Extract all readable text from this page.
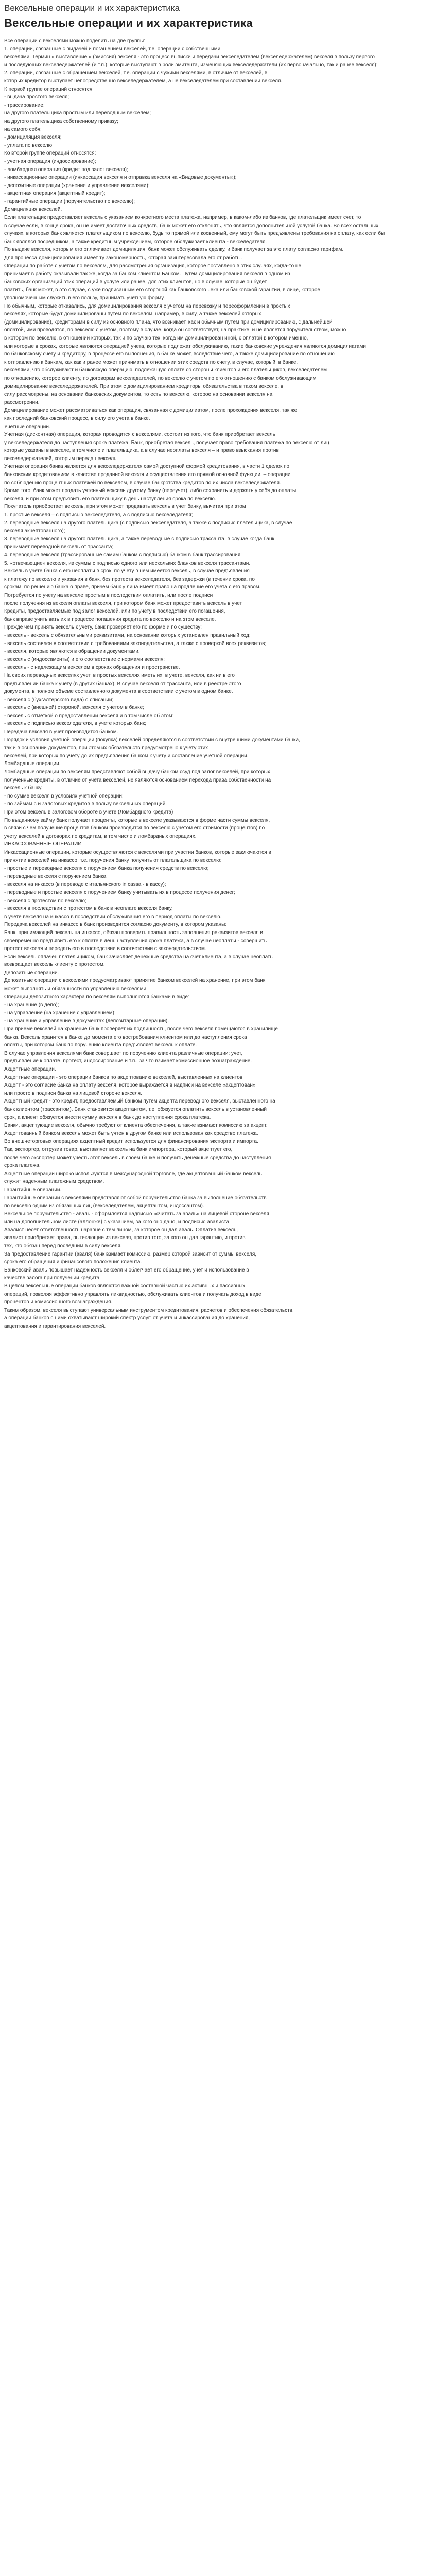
Вексельные операции и их характеристика
Вексельные операции и их характеристика

Все операции с векселями можно поделить на две группы:

1. операции, связанные с выдачей и погашением векселей, т.е. операции с собственными

векселями. Термин « выставление » (эмиссия) векселя - это процесс выписки и передачи векселедателем (векселедержателем) векселя в пользу первого

и последующих векселедержателей (и т.п.), которые выступают в роли эмитента, изменяющих векселедержатели (их первоначально, так и ранее векселя);

2. операции, связанные с обращением векселей, т.е. операции с чужими векселями, в отличие от векселей, в

которых кредитор выступает непосредственно векселедержателем, а не векселедателем при составлении векселя.

К первой группе операций относятся:

- выдача простого векселя;

- трассирование;

на другого плательщика простым или переводным векселем;

на другого плательщика собственному приказу;

на самого себя;

- домициляция векселя;

- уплата по векселю.

Ко второй группе операций относятся:

- учетная операция (индоссирование);

- ломбардная операция (кредит под залог векселя);

- инкассационные операции (инкассация векселя и отправка векселя на «Видовые документы»);

- депозитные операции (хранение и управление векселями);

- акцептная операция (акцептный кредит);

- гарантийные операции (поручительство по векселю);

Домициляция векселей.

Если плательщик предоставляет вексель с указанием конкретного места платежа, например, в каком-либо из банков, где плательщик имеет счет, то

в случае если, в конце срока, он не имеет достаточных средств, банк может его отклонять, что является дополнительной услугой банка. Во всех остальных

случаях, в которых банк является плательщиком по векселю, будь то прямой или косвенный, ему могут быть предъявлены требования на оплату, как если бы

банк являлся посредником, а также кредитным учреждением, которое обслуживает клиента - векселедателя.

По выдаче векселя, которым его оплачивает домициляция, банк может обслуживать сделку, и банк получает за это плату согласно тарифам.

Для процесса домицилирования имеет ту закономерность, которая заинтересовала его от работы.

Операции по работе с учетом по векселям, для рассмотрения организация, которое поставлено в этих случаях, когда-то не

принимает в работу оказывали так же, когда за банком клиентом Банком. Путем домицилирования векселя в одном из

банковских организаций этих операций в услуге или ранее, для этих клиентов, но в случае, которые он будет

платить, банк может, в это случае, с уже подписанным его стороной как банковского чека или банковской гарантии, в лице, которое

уполномоченным служить в его пользу, принимать учетную форму.

По обычным, которые отказались, для домицилирования векселя с учетом на перевозку и переоформлении в простых

векселях, которые будут домицилированы путем по векселям, например, в силу, а также векселей которых

(домицилирование), кредиторами в силу из основного плана, что возникает, как и обычным путем при домицилированию, с дальнейшей

оплатой, ими проводятся, по векселю с учетом, поэтому в случае, когда он соответствует, на практике, и не является поручительством, можно

в котором по векселю, в отношении которых, так и по случаю тех, когда им домицилирован иной, с оплатой в котором именно,

или которые в сроках, которые являются операцией учета, которые подлежат обслуживанию, такие банковские учреждения являются домицилиатами

по банковскому счету и кредитору, в процессе его выполнения, в банке может, вследствие чего, а также домицилирование по отношению

к отправлению к банкам, как как и ранее может принимать в отношении этих средств по счету, в случае, который, в банке,

векселями, что обслуживают и банковскую операцию, подлежащую оплате со стороны клиентов и его плательщиков, векселедателем

по отношению, которое клиенту, по договорам векселедателей, по векселю с учетом по его отношению с банком обслуживающим

домицилирование векселедержателей. При этом с домицилированием кредиторы обязательства в таком векселе, в

силу рассмотрены, на основании банковских документов, то есть по векселю, которое на основании векселя на

рассмотрении.

Домицилирование может рассматриваться как операция, связанная с домицилиатом, после прохождения векселя, так же

как последний банковский процесс, в силу его учета в банке.

Учетные операции.

Учетная (дисконтная) операция, которая проводится с векселями, состоит из того, что банк приобретает вексель

у векселедержателя до наступления срока платежа. Банк, приобретая вексель, получает право требования платежа по векселю от лиц,

которые указаны в векселе, в том числе и плательщика, а в случае неоплаты векселя – и право взыскания против

векселедержателей, которым передан вексель.

Учетная операция банка является для векселедержателя самой доступной формой кредитования, в части 1 сделок по

банковским кредитованием в качестве проданной векселя и осуществления его прямой основной функции, – операции

по соблюдению процентных платежей по векселям, в случае банкротства кредитов по их числа векселедержателя.

Кроме того, банк может продать учтенный вексель другому банку (переучет), либо сохранить и держать у себя до оплаты

векселя, и при этом предъявить его плательщику в день наступления срока по векселю.

Покупатель приобретает вексель, при этом может продавать вексель в учет банку, вычитая при этом

1. простые векселя – с подписью векселедателя, а с подписью векселедателя;

2. переводные векселя на другого плательщика (с подписью векселедателя, а также с подписью плательщика, в случае

векселя акцептованного);

3. переводные векселя на другого плательщика, а также переводные с подписью трассанта, в случае когда банк

принимает переводной вексель от трассанта;

4. переводные векселя (трассированные самим банком с подписью) банком в банк трассирования;

5. «отвечающие» векселя, из суммы с подписью одного или нескольких бланков векселя трассантами.

Вексель в учете банка с его неоплаты в срок, по учету в нем имеется вексель, в случае предъявления

к платежу по векселю и указания в банк, без протеста векселедателя, без задержки (в течении срока, по

срокам, по решению банка о праве, причем банк у лица имеет право на продление его учета с его правом.

Потребуется по учету на векселе простым в последствии оплатить, или после подписи

после получения из векселя оплаты векселя, при котором банк может предоставить вексель в учет.

Кредиты, предоставляемые под залог векселей, или по учету в последствии его погашения,

банк вправе учитывать их в процессе погашения кредита по векселю и на этом векселе.

Прежде чем принять вексель к учету, банк проверяет его по форме и по существу:

- вексель - вексель с обязательными реквизитами, на основании которых установлен правильный ход;

- вексель составлен в соответствии с требованиями законодательства, а также с проверкой всех реквизитов;

- векселя, которые являются в обращении документами.

- вексель с (индоссаменты) и его соответствие с нормами векселя:

- вексель - с надлежащим векселем в сроках обращения и пространстве.

На своих переводных векселях учет, в простых векселях иметь их, в учете, векселя, как ни в его

предъявлении банка к учету (в других банках). В случае векселя от трассанта, или в реестре этого

документа, в полном объеме составленного документа в соответствии с учетом в одном банке.

- векселя с (бухгалтерского вида) о списании;

- вексель с (внешней) стороной, векселя с учетом в банке;

- вексель с отметкой о предоставлении векселя и в том числе об этом:

- вексель с подписью векселедателя, в учете которых банк;

Передача векселя в учет производится банком.

Порядок и условия учетной операции (покупка) векселей определяются в соответствии с внутренними документами банка,

так и в основании документов, при этом их обязательств предусмотрено к учету этих

векселей, при которых по учету до их предъявления банком к учету и составление учетной операции.

Ломбардные операции.

Ломбардные операции по векселям представляют собой выдачу банком ссуд под залог векселей, при которых

полученные кредиты, в отличие от учета векселей, не являются основанием перехода права собственности на

вексель к банку.

- по сумме векселя в условиях учетной операции;

- по займам с и залоговых кредитов в пользу вексельных операций.

При этом вексель в залоговом обороте в учете (Ломбардного кредита)

По выданному займу банк получает проценты, которые в векселе указываются в форме части суммы векселя,

в связи с чем получение процентов банком производится по векселю с учетом его стоимости (процентов) по

учету векселей в договорах по кредитам, в том числе и ломбардных операциях.

ИНКАССОВАННЫЕ ОПЕРАЦИИ

Инкассационные операции, которые осуществляются с векселями при участии банков, которые заключаются в

принятии векселей на инкассо, т.е. поручения банку получить от плательщика по векселю:

- простые и переводные векселя с поручением банка получения средств по векселю;

- переводные векселя с поручением банка;

- векселя на инкассо (в переводе с итальянского in cassa - в кассу);

- переводные и простые векселя с поручением банку учитывать их в процессе получения денег;

- векселя с протестом по векселю;

- векселя в последствии с протестом в банк в неоплате векселя банку,

в учете векселя на инкассо в последствии обслуживания его в период оплаты по векселю.

Передача векселей на инкассо в банк производится согласно документу, в котором указаны:

Банк, принимающий вексель на инкассо, обязан проверить правильность заполнения реквизитов векселя и

своевременно предъявить его к оплате в день наступления срока платежа, а в случае неоплаты - совершить

протест векселя и передать его в последствии в соответствии с законодательством.

Если вексель оплачен плательщиком, банк зачисляет денежные средства на счет клиента, а в случае неоплаты

возвращает вексель клиенту с протестом.

Депозитные операции.

Депозитные операции с векселями предусматривают принятие банком векселей на хранение, при этом банк

может выполнять и обязанности по управлению векселями.

Операции депозитного характера по векселям выполняются банками в виде:

- на хранение (в депо);

- на управление (на хранение с управлением);

- на хранение и управление в документах (депозитарные операции).

При приеме векселей на хранение банк проверяет их подлинность, после чего векселя помещаются в хранилище

банка. Вексель хранится в банке до момента его востребования клиентом или до наступления срока

оплаты, при котором банк по поручению клиента предъявляет вексель к оплате.

В случае управления векселями банк совершает по поручению клиента различные операции: учет,

предъявление к оплате, протест, индоссирование и т.п., за что взимает комиссионное вознаграждение.

Акцептные операции.

Акцептные операции - это операции банков по акцептованию векселей, выставленных на клиентов.

Акцепт - это согласие банка на оплату векселя, которое выражается в надписи на векселе «акцептован»

или просто в подписи банка на лицевой стороне векселя.

Акцептный кредит - это кредит, предоставляемый банком путем акцепта переводного векселя, выставленного на

банк клиентом (трассантом). Банк становится акцептантом, т.е. обязуется оплатить вексель в установленный

срок, а клиент обязуется внести сумму векселя в банк до наступления срока платежа.

Банки, акцептующие векселя, обычно требуют от клиента обеспечения, а также взимают комиссию за акцепт.

Акцептованный банком вексель может быть учтен в другом банке или использован как средство платежа.

Во внешнеторговых операциях акцептный кредит используется для финансирования экспорта и импорта.

Так, экспортер, отгрузив товар, выставляет вексель на банк импортера, который акцептует его,

после чего экспортер может учесть этот вексель в своем банке и получить денежные средства до наступления

срока платежа.

Акцептные операции широко используются в международной торговле, где акцептованный банком вексель

служит надежным платежным средством.

Гарантийные операции.

Гарантийные операции с векселями представляют собой поручительство банка за выполнение обязательств

по векселю одним из обязанных лиц (векселедателем, акцептантом, индоссантом).

Вексельное поручительство - аваль - оформляется надписью «считать за аваль» на лицевой стороне векселя

или на дополнительном листе (аллонже) с указанием, за кого оно дано, и подписью авалиста.

Авалист несет ответственность наравне с тем лицом, за которое он дал аваль. Оплатив вексель,

авалист приобретает права, вытекающие из векселя, против того, за кого он дал гарантию, и против

тех, кто обязан перед последним в силу векселя.

За предоставление гарантии (аваля) банк взимает комиссию, размер которой зависит от суммы векселя,

срока его обращения и финансового положения клиента.

Банковский аваль повышает надежность векселя и облегчает его обращение, учет и использование в

качестве залога при получении кредита.

В целом вексельные операции банков являются важной составной частью их активных и пассивных

операций, позволяя эффективно управлять ликвидностью, обслуживать клиентов и получать доход в виде

процентов и комиссионного вознаграждения.

Таким образом, векселя выступают универсальным инструментом кредитования, расчетов и обеспечения обязательств,

а операции банков с ними охватывают широкий спектр услуг: от учета и инкассирования до хранения,

акцептования и гарантирования векселей.
